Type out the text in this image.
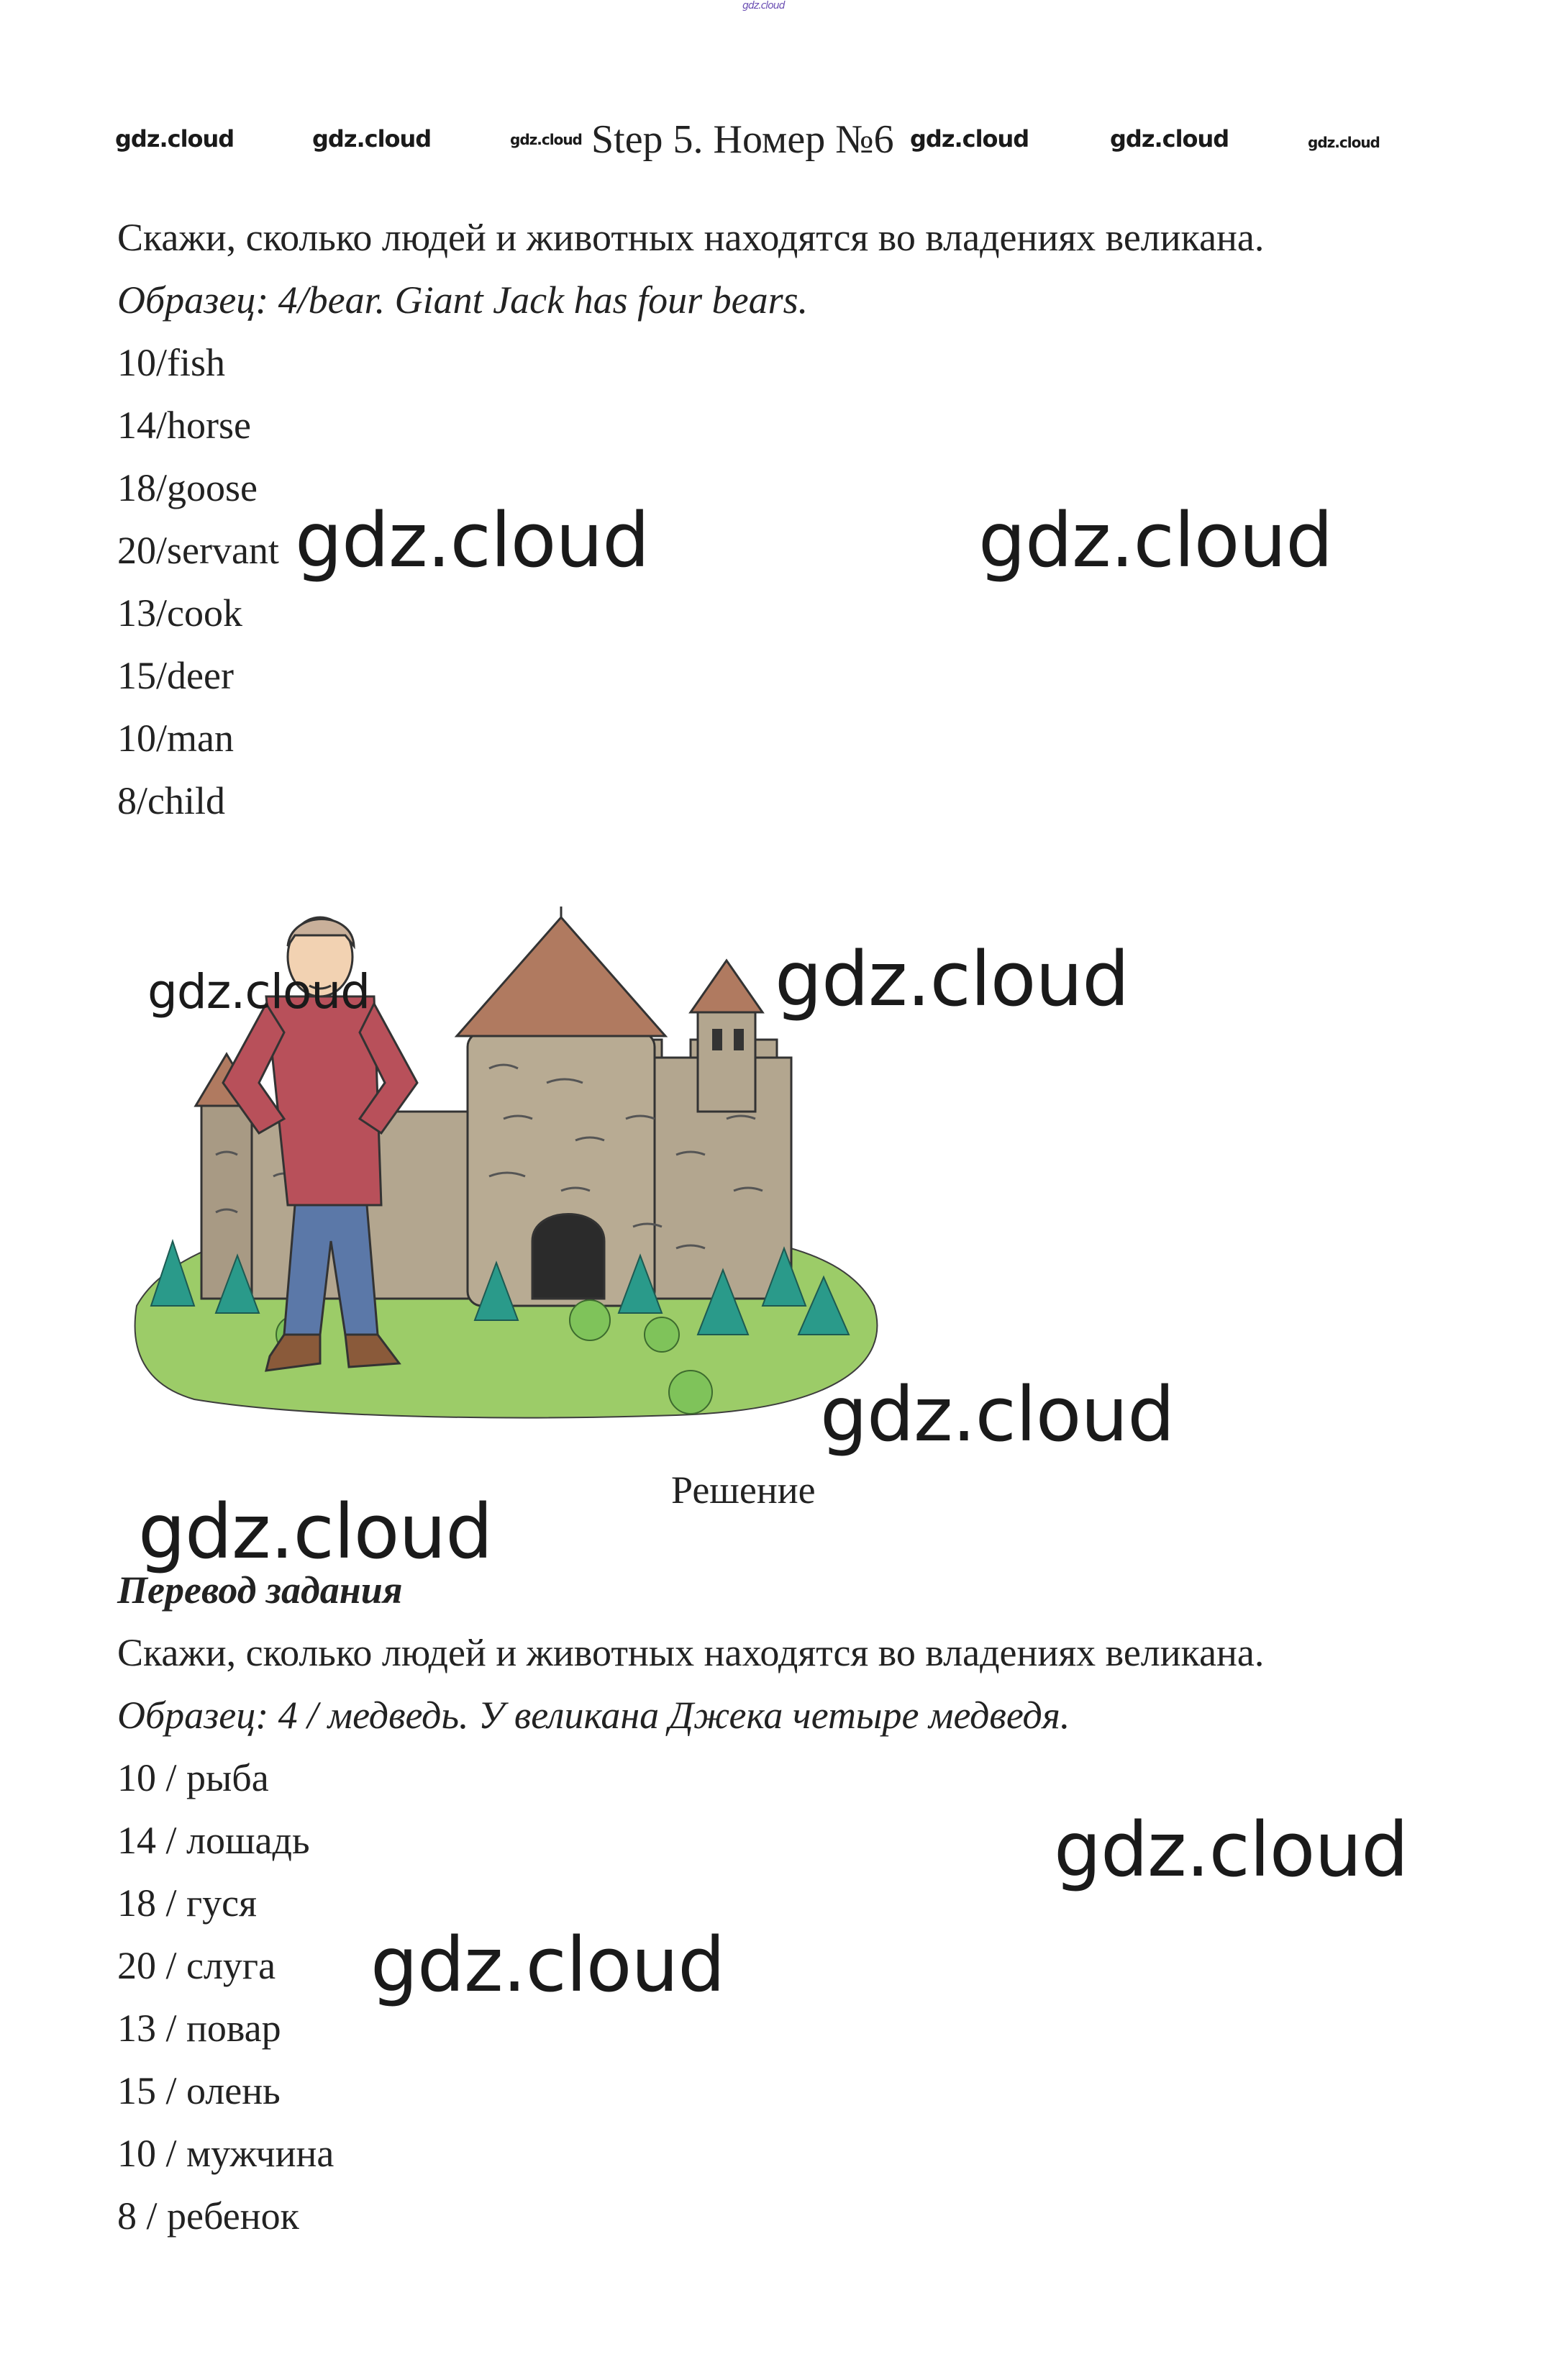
gdz.cloud
gdz.cloud	gdz.cloud	gdz.cloud	gdz.cloud	gdz.cloud	gdz.cloud
Step 5. Номер №6
Скажи, сколько людей и животных находятся во владениях великана.
Образец: 4/bear. Giant Jack has four bears.
10/fish
14/horse
18/goose
20/servant
13/cook
15/deer
10/man
8/child
gdz.cloud	gdz.cloud
gdz.cloud	gdz.cloud
gdz.cloud
Решение
gdz.cloud
Перевод задания
Скажи, сколько людей и животных находятся во владениях великана.
Образец: 4 / медведь. У великана Джека четыре медведя.
10 / рыба
14 / лошадь
18 / гуся
20 / слуга
13 / повар
15 / олень
10 / мужчина
8 / ребенок
gdz.cloud
gdz.cloud
